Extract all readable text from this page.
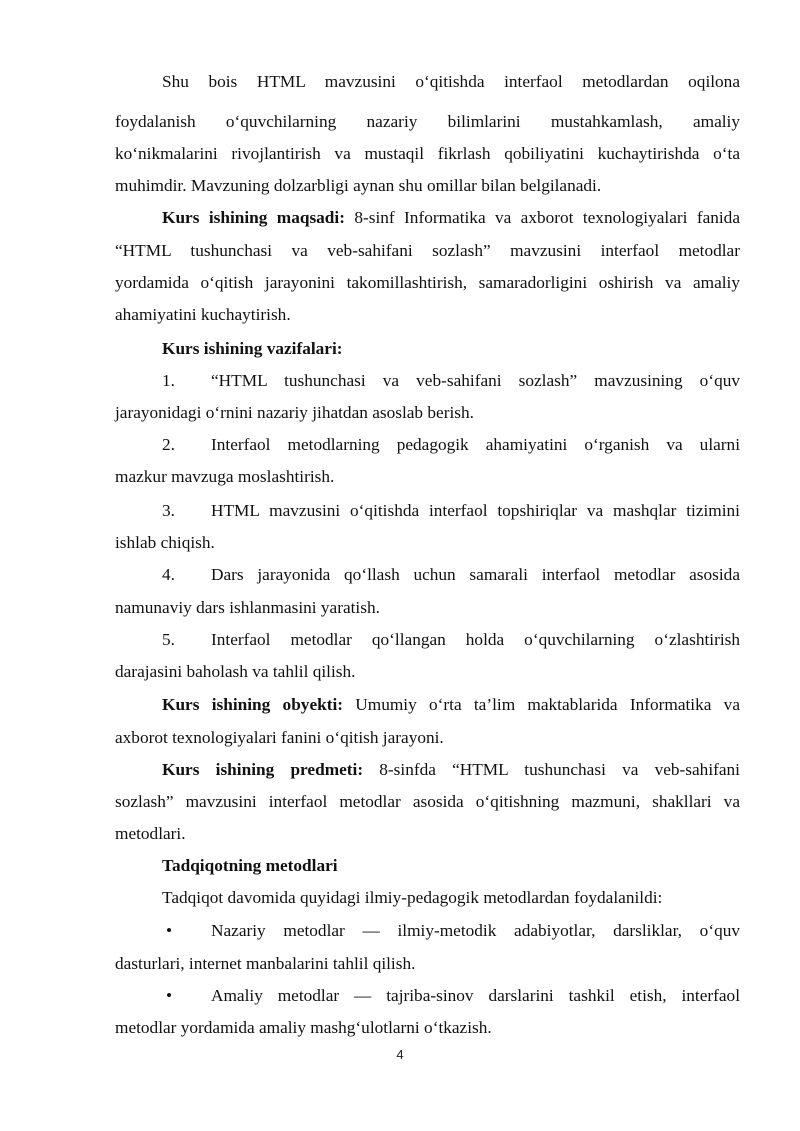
Shu bois HTML mavzusini o‘qitishda interfaol metodlardan oqilona
foydalanish o‘quvchilarning nazariy bilimlarini mustahkamlash, amaliy
ko‘nikmalarini rivojlantirish va mustaqil fikrlash qobiliyatini kuchaytirishda o‘ta
muhimdir. Mavzuning dolzarbligi aynan shu omillar bilan belgilanadi.
Kurs ishining maqsadi: 8-sinf Informatika va axborot texnologiyalari fanida
“HTML tushunchasi va veb-sahifani sozlash” mavzusini interfaol metodlar
yordamida o‘qitish jarayonini takomillashtirish, samaradorligini oshirish va amaliy
ahamiyatini kuchaytirish.
Kurs ishining vazifalari:
1. “HTML tushunchasi va veb-sahifani sozlash” mavzusining o‘quv
jarayonidagi o‘rnini nazariy jihatdan asoslab berish.
2. Interfaol metodlarning pedagogik ahamiyatini o‘rganish va ularni
mazkur mavzuga moslashtirish.
3. HTML mavzusini o‘qitishda interfaol topshiriqlar va mashqlar tizimini
ishlab chiqish.
4. Dars jarayonida qo‘llash uchun samarali interfaol metodlar asosida
namunaviy dars ishlanmasini yaratish.
5. Interfaol metodlar qo‘llangan holda o‘quvchilarning o‘zlashtirish
darajasini baholash va tahlil qilish.
Kurs ishining obyekti: Umumiy o‘rta ta’lim maktablarida Informatika va
axborot texnologiyalari fanini o‘qitish jarayoni.
Kurs ishining predmeti: 8-sinfda “HTML tushunchasi va veb-sahifani
sozlash” mavzusini interfaol metodlar asosida o‘qitishning mazmuni, shakllari va
metodlari.
Tadqiqotning metodlari
Tadqiqot davomida quyidagi ilmiy-pedagogik metodlardan foydalanildi:
• Nazariy metodlar — ilmiy-metodik adabiyotlar, darsliklar, o‘quv
dasturlari, internet manbalarini tahlil qilish.
• Amaliy metodlar — tajriba-sinov darslarini tashkil etish, interfaol
metodlar yordamida amaliy mashg‘ulotlarni o‘tkazish.
4
